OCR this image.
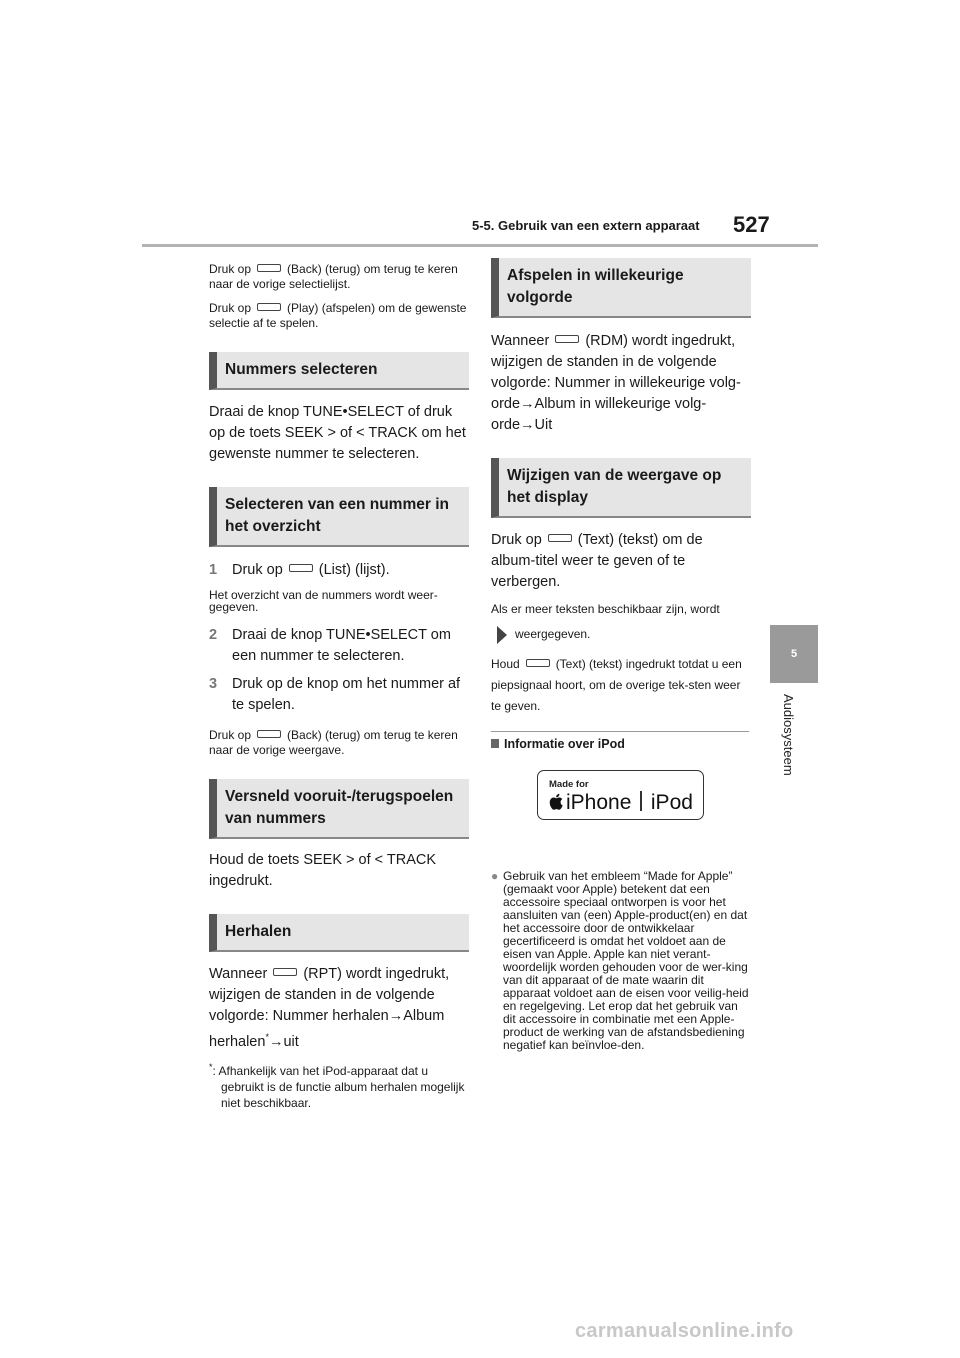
5-5. Gebruik van een extern apparaat 527
5
Audiosysteem

Druk op	(Back) (terug) om terug te keren naar de vorige selectielijst.

Druk op	(Play) (afspelen) om de gewenste selectie af te spelen.

Nummers selecteren

Draai de knop TUNE•SELECT of druk op de toets SEEK > of < TRACK om het gewenste nummer te selecteren.

Selecteren van een nummer in het overzicht

1 Druk op (List) (lijst).

Het overzicht van de nummers wordt weer-gegeven.

2 Draai de knop TUNE•SELECT om een nummer te selecteren.

3 Druk op de knop om het nummer af te spelen.

Druk op	(Back) (terug) om terug te keren naar de vorige weergave.

Versneld vooruit-/terugspoelen van nummers

Houd de toets SEEK > of < TRACK ingedrukt.

Herhalen

Wanneer (RPT) wordt ingedrukt, wijzigen de standen in de volgende volgorde: Nummer herhalen→Album herhalen*→uit

*: Afhankelijk van het iPod-apparaat dat u gebruikt is de functie album herhalen mogelijk niet beschikbaar.

Afspelen in willekeurige volgorde

Wanneer (RDM) wordt ingedrukt, wijzigen de standen in de volgende volgorde: Nummer in willekeurige volg-orde→Album in willekeurige volg-orde→Uit

Wijzigen van de weergave op het display

Druk op (Text) (tekst) om de album-titel weer te geven of te verbergen.

Als er meer teksten beschikbaar zijn, wordt

weergegeven.

Houd	(Text) (tekst) ingedrukt totdat u een piepsignaal hoort, om de overige tek-sten weer te geven.

Informatie over iPod
Made for
iPhone iPod

● Gebruik van het embleem “Made for Apple” (gemaakt voor Apple) betekent dat een accessoire speciaal ontworpen is voor het aansluiten van (een) Apple-product(en) en dat het accessoire door de ontwikkelaar gecertificeerd is omdat het voldoet aan de eisen van Apple. Apple kan niet verant-woordelijk worden gehouden voor de wer-king van dit apparaat of de mate waarin dit apparaat voldoet aan de eisen voor veilig-heid en regelgeving. Let erop dat het gebruik van dit accessoire in combinatie met een Apple-product de werking van de afstandsbediening negatief kan beïnvloe-den.

carmanualsonline.info
